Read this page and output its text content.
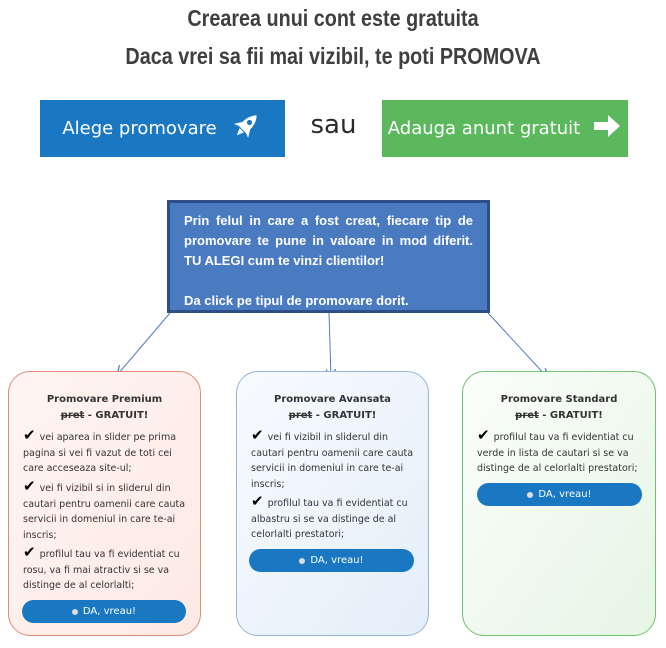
Crearea unui cont este gratuita
Daca vrei sa fii mai vizibil, te poti PROMOVA
Alege promovare	sau	Adauga anunt gratuit

Prin felul in care a fost creat, fiecare tip de promovare te pune in valoare in mod diferit. TU ALEGI cum te vinzi clientilor!

Da click pe tipul de promovare dorit.

Promovare Premium
pret - GRATUIT!
✔ vei aparea in slider pe prima pagina si vei fi vazut de toti cei care acceseaza site-ul;
✔ vei fi vizibil si in sliderul din cautari pentru oamenii care cauta servicii in domeniul in care te-ai inscris;
✔ profilul tau va fi evidentiat cu rosu, va fi mai atractiv si se va distinge de al celorlalti;
DA, vreau!
Promovare Avansata
pret - GRATUIT!
✔ vei fi vizibil in sliderul din cautari pentru oamenii care cauta servicii in domeniul in care te-ai inscris;
✔ profilul tau va fi evidentiat cu albastru si se va distinge de al celorlalti prestatori;
DA, vreau!
Promovare Standard
pret - GRATUIT!
✔ profilul tau va fi evidentiat cu verde in lista de cautari si se va distinge de al celorlalti prestatori;
DA, vreau!
